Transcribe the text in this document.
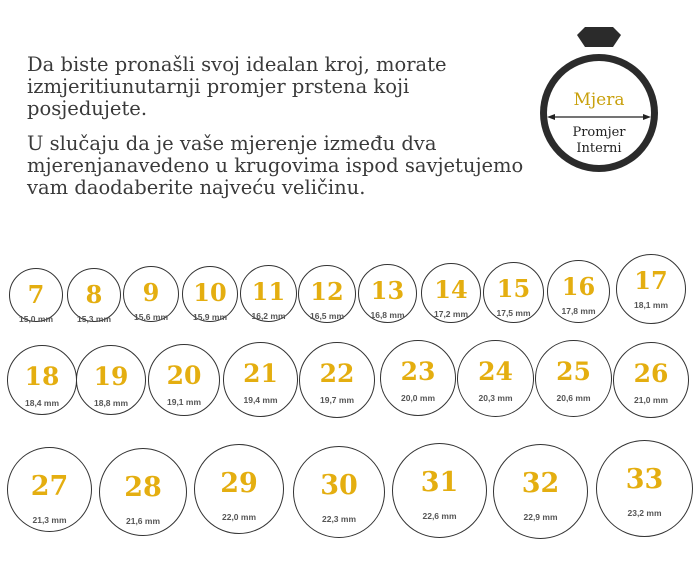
Da biste pronašli svoj idealan kroj, morate izmjeritiunutarnji promjer prstena koji posjedujete.

U slučaju da je vaše mjerenje između dva mjerenjanavedeno u krugovima ispod savjetujemo vam daodaberite najveću veličinu.

Mjera
Promjer
Interni
7
15,0 mm
8
15,3 mm
9
15,6 mm
10
15,9 mm
11
16,2 mm
12
16,5 mm
13
16,8 mm
14
17,2 mm
15
17,5 mm
16
17,8 mm
17
18,1 mm
18
18,4 mm
19
18,8 mm
20
19,1 mm
21
19,4 mm
22
19,7 mm
23
20,0 mm
24
20,3 mm
25
20,6 mm
26
21,0 mm
27
21,3 mm
28
21,6 mm
29
22,0 mm
30
22,3 mm
31
22,6 mm
32
22,9 mm
33
23,2 mm
